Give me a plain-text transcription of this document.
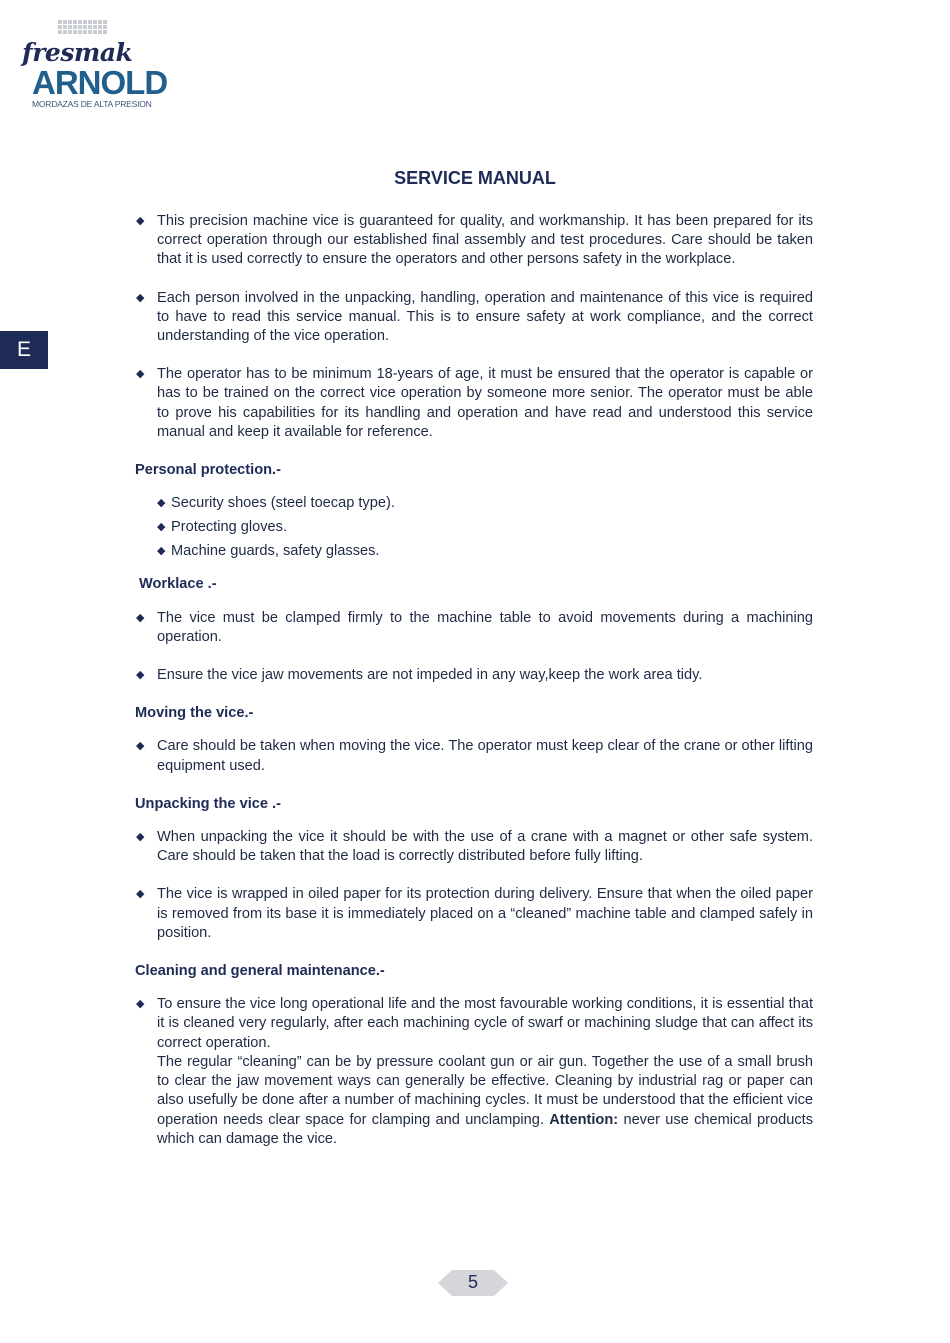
fresmak
ARNOLD
MORDAZAS DE ALTA PRESION
E
SERVICE MANUAL
◆ This precision machine vice is guaranteed for quality, and workmanship. It has been prepared for its correct operation through our established final assembly and test procedures. Care should be taken that it is used correctly to ensure the operators and other persons safety in the workplace.

◆ Each person involved in the unpacking, handling, operation and maintenance of this vice is required to have to read this service manual. This is to ensure safety at work compliance, and the correct understanding of the vice operation.

◆ The operator has to be minimum 18-years of age, it must be ensured that the operator is capable or has to be trained on the correct vice operation by someone more senior. The operator must be able to prove his capabilities for its handling and operation and have read and understood this service manual and keep it available for reference.

Personal protection.-
◆ Security shoes (steel toecap type).
◆ Protecting gloves.
◆ Machine guards, safety glasses.
Worklace .-
◆ The vice must be clamped firmly to the machine table to avoid movements during a machining operation.

◆ Ensure the vice jaw movements are not impeded in any way,keep the work area tidy.

Moving the vice.-
◆ Care should be taken when moving the vice. The operator must keep clear of the crane or other lifting equipment used.

Unpacking the vice .-
◆ When unpacking the vice it should be with the use of a crane with a magnet or other safe system. Care should be taken that the load is correctly distributed before fully lifting.

◆ The vice is wrapped in oiled paper for its protection during delivery. Ensure that when the oiled paper is removed from its base it is immediately placed on a “cleaned” machine table and clamped safely in position.

Cleaning and general maintenance.-
◆ To ensure the vice long operational life and the most favourable working conditions, it is essential that it is cleaned very regularly, after each machining cycle of swarf or machining sludge that can affect its correct operation.

The regular “cleaning” can be by pressure coolant gun or air gun. Together the use of a small brush to clear the jaw movement ways can generally be effective. Cleaning by industrial rag or paper can also usefully be done after a number of machining cycles. It must be understood that the efficient vice operation needs clear space for clamping and unclamping. Attention: never use chemical products which can damage the vice.

5
